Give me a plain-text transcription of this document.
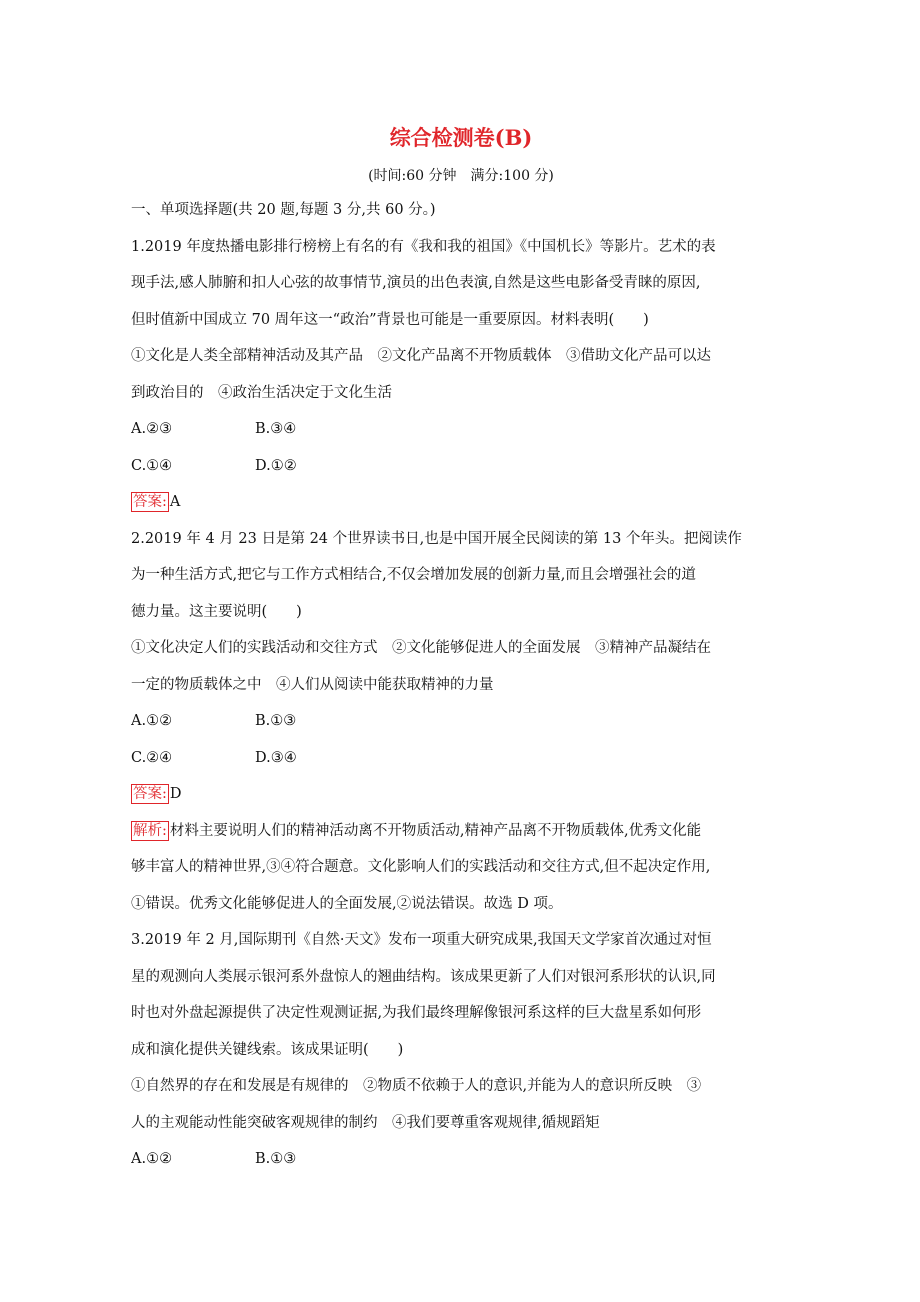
综合检测卷(B)
(时间:60 分钟　满分:100 分)
一、单项选择题(共 20 题,每题 3 分,共 60 分。)
1.2019 年度热播电影排行榜榜上有名的有《我和我的祖国》《中国机长》等影片。艺术的表
现手法,感人肺腑和扣人心弦的故事情节,演员的出色表演,自然是这些电影备受青睐的原因,
但时值新中国成立 70 周年这一“政治”背景也可能是一重要原因。材料表明(　　)
①文化是人类全部精神活动及其产品　②文化产品离不开物质载体　③借助文化产品可以达
到政治目的　④政治生活决定于文化生活
A.②③	B.③④
C.①④	D.①②
答案: A
2.2019 年 4 月 23 日是第 24 个世界读书日,也是中国开展全民阅读的第 13 个年头。把阅读作
为一种生活方式,把它与工作方式相结合,不仅会增加发展的创新力量,而且会增强社会的道
德力量。这主要说明(　　)
①文化决定人们的实践活动和交往方式　②文化能够促进人的全面发展　③精神产品凝结在
一定的物质载体之中　④人们从阅读中能获取精神的力量
A.①②	B.①③
C.②④	D.③④
答案: D
解析: 材料主要说明人们的精神活动离不开物质活动,精神产品离不开物质载体,优秀文化能
够丰富人的精神世界,③④符合题意。文化影响人们的实践活动和交往方式,但不起决定作用,
①错误。优秀文化能够促进人的全面发展,②说法错误。故选 D 项。
3.2019 年 2 月,国际期刊《自然·天文》发布一项重大研究成果,我国天文学家首次通过对恒
星的观测向人类展示银河系外盘惊人的翘曲结构。该成果更新了人们对银河系形状的认识,同
时也对外盘起源提供了决定性观测证据,为我们最终理解像银河系这样的巨大盘星系如何形
成和演化提供关键线索。该成果证明(　　)
①自然界的存在和发展是有规律的　②物质不依赖于人的意识,并能为人的意识所反映　③
人的主观能动性能突破客观规律的制约　④我们要尊重客观规律,循规蹈矩
A.①②	B.①③
